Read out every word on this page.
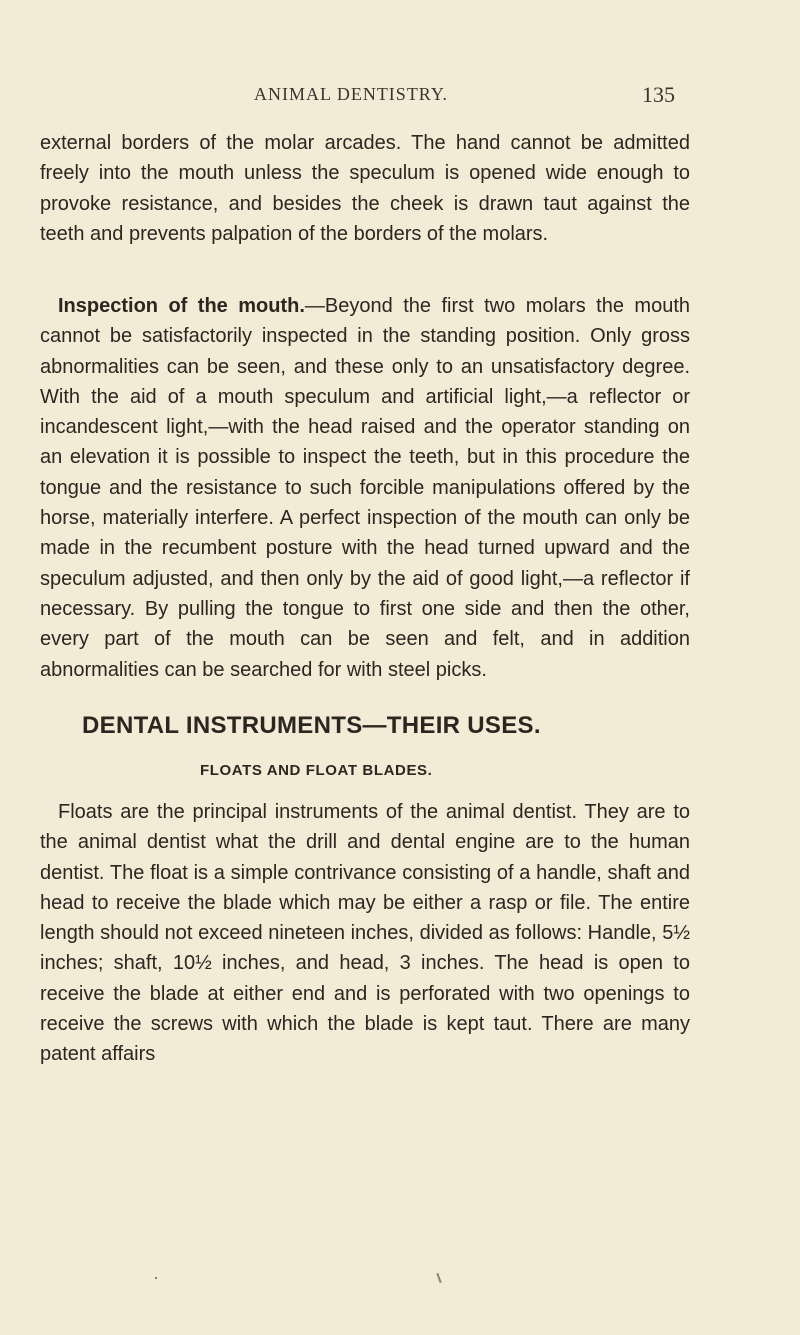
ANIMAL DENTISTRY.	135

external borders of the molar arcades. The hand cannot be admitted freely into the mouth unless the speculum is opened wide enough to provoke resistance, and besides the cheek is drawn taut against the teeth and prevents palpation of the borders of the molars.

Inspection of the mouth.—Beyond the first two molars the mouth cannot be satisfactorily inspected in the standing position. Only gross abnormalities can be seen, and these only to an unsatisfactory degree. With the aid of a mouth speculum and artificial light,—a reflector or incandescent light,—with the head raised and the operator standing on an elevation it is possible to inspect the teeth, but in this procedure the tongue and the resistance to such forcible manipulations offered by the horse, materially interfere. A perfect inspection of the mouth can only be made in the recumbent posture with the head turned upward and the speculum adjusted, and then only by the aid of good light,—a reflector if necessary. By pulling the tongue to first one side and then the other, every part of the mouth can be seen and felt, and in addition abnormalities can be searched for with steel picks.

DENTAL INSTRUMENTS—THEIR USES.
FLOATS AND FLOAT BLADES.

Floats are the principal instruments of the animal dentist. They are to the animal dentist what the drill and dental engine are to the human dentist. The float is a simple contrivance consisting of a handle, shaft and head to receive the blade which may be either a rasp or file. The entire length should not exceed nineteen inches, divided as follows: Handle, 5½ inches; shaft, 10½ inches, and head, 3 inches. The head is open to receive the blade at either end and is perforated with two openings to receive the screws with which the blade is kept taut. There are many patent affairs
